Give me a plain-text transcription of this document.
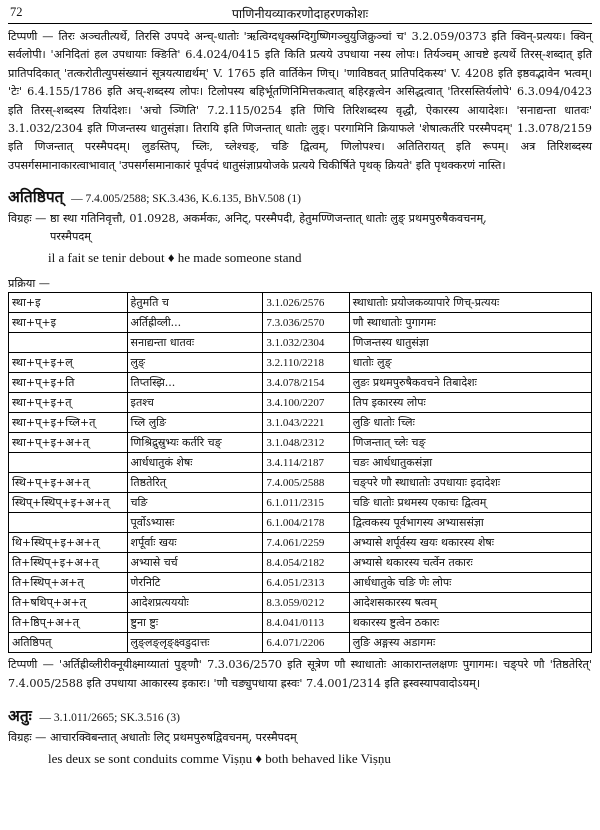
72	पाणिनीयव्याकरणोदाहरणकोशः

टिप्पणी — तिरः अञ्चतीत्यर्थे, तिरसि उपपदे अन्च्-धातोः 'ऋत्विग्दधृक्स्रग्दिगुष्णिगञ्चुयुजिक्रुञ्चां च' 3.2.059/0373 इति क्विन्-प्रत्ययः। क्विन् सर्वलोपी। 'अनिदितां हल उपधायाः क्ङिति' 6.4.024/0415 इति किति प्रत्यये उपधाया नस्य लोपः। तिर्यञ्चम् आचष्टे इत्यर्थे तिरस्-शब्दात् इति प्रातिपदिकात् 'तत्करोतीत्युपसंख्यानं सूत्रयत्याद्यर्थम्' V. 1765 इति वार्तिकेन णिच्। 'णाविष्ठवत् प्रातिपदिकस्य' V. 4208 इति इष्ठवद्भावेन भत्वम्। 'टेः' 6.4.155/1786 इति अच्-शब्दस्य लोपः। टिलोपस्य बहिर्भूतणिनिमित्तकत्वात् बहिरङ्गत्वेन असिद्धत्वात् 'तिरसस्तिर्यलोपे' 6.3.094/0423 इति तिरस्-शब्दस्य तिर्यादेशः। 'अचो ञ्णिति' 7.2.115/0254 इति णिचि तिरिशब्दस्य वृद्धौ, ऐकारस्य आयादेशः। 'सनाद्यन्ता धातवः' 3.1.032/2304 इति णिजन्तस्य धातुसंज्ञा। तिरायि इति णिजन्तात् धातोः लुङ्। परगामिनि क्रियाफले 'शेषात्कर्तरि परस्मैपदम्' 1.3.078/2159 इति णिजन्तात् परस्मैपदम्। लुङस्तिप्, च्लिः, च्लेश्चङ्, चङि द्वित्वम्, णिलोपश्च। अतितिरायत् इति रूपम्। अत्र तिरिशब्दस्य उपसर्गसमानाकारत्वाभावात् 'उपसर्गसमानाकारं पूर्वपदं धातुसंज्ञाप्रयोजके प्रत्यये चिकीर्षिते पृथक् क्रियते' इति पृथक्करणं नास्ति।

अतिष्ठिपत् — 7.4.005/2588; SK.3.436, K.6.135, BhV.508 (1)
विग्रहः — ष्ठा स्था गतिनिवृत्तौ, 01.0928, अकर्मकः, अनिट्, परस्मैपदी, हेतुमण्णिजन्तात् धातोः लुङ् प्रथमपुरुषैकवचनम्,
परस्मैपदम्
il a fait se tenir debout ♦ he made someone stand
प्रक्रिया —
स्था+इ	हेतुमति च	3.1.026/2576	स्थाधातोः प्रयोजकव्यापारे णिच्-प्रत्ययः
स्था+प्+इ	अर्तिह्रीव्ली...	7.3.036/2570	णौ स्थाधातोः पुगागमः
	सनाद्यन्ता धातवः	3.1.032/2304	णिजन्तस्य धातुसंज्ञा
स्था+प्+इ+ल्	लुङ्	3.2.110/2218	धातोः लुङ्
स्था+प्+इ+ति	तिप्तस्झि...	3.4.078/2154	लुङः प्रथमपुरुषैकवचने तिबादेशः
स्था+प्+इ+त्	इतश्च	3.4.100/2207	तिप इकारस्य लोपः
स्था+प्+इ+च्लि+त्	च्लि लुङि	3.1.043/2221	लुङि धातोः च्लिः
स्था+प्+इ+अ+त्	णिश्रिद्रुस्रुभ्यः कर्तरि चङ्	3.1.048/2312	णिजन्तात् च्लेः चङ्
	आर्धधातुकं शेषः	3.4.114/2187	चङः आर्धधातुकसंज्ञा
स्थि+प्+इ+अ+त्	तिष्ठतेरित्	7.4.005/2588	चङ्परे णौ स्थाधातोः उपधायाः इदादेशः
स्थिप्+स्थिप्+इ+अ+त्	चङि	6.1.011/2315	चङि धातोः प्रथमस्य एकाचः द्वित्वम्
	पूर्वोऽभ्यासः	6.1.004/2178	द्वित्वकस्य पूर्वभागस्य अभ्याससंज्ञा
थि+स्थिप्+इ+अ+त्	शर्पूर्वाः खयः	7.4.061/2259	अभ्यासे शर्पूर्वस्य खयः थकारस्य शेषः
ति+स्थिप्+इ+अ+त्	अभ्यासे चर्च	8.4.054/2182	अभ्यासे थकारस्य चर्त्वेन तकारः
ति+स्थिप्+अ+त्	णेरनिटि	6.4.051/2313	आर्धधातुके चङि णेः लोपः
ति+षथिप्+अ+त्	आदेशप्रत्यययोः	8.3.059/0212	आदेशसकारस्य षत्वम्
ति+ष्ठिप्+अ+त्	ष्टुना ष्टुः	8.4.041/0113	थकारस्य ष्टुत्वेन ठकारः
अतिष्ठिपत्	लुङ्लङ्लृङ्क्ष्वडुदात्तः	6.4.071/2206	लुङि अङ्गस्य अडागमः

टिप्पणी — 'अर्तिह्रीव्लीरीक्नूयीक्ष्माय्यातां पुङ्णौ' 7.3.036/2570 इति सूत्रेण णौ स्थाधातोः आकारान्तलक्षणः पुगागमः। चङ्परे णौ 'तिष्ठतेरित्' 7.4.005/2588 इति उपधाया आकारस्य इकारः। 'णौ चङ्युपधाया ह्रस्वः' 7.4.001/2314 इति ह्रस्वस्यापवादोऽयम्।

अतुः — 3.1.011/2665; SK.3.516 (3)
विग्रहः — आचारक्विबन्तात् अधातोः लिट् प्रथमपुरुषद्विवचनम्, परस्मैपदम्
les deux se sont conduits comme Viṣṇu ♦ both behaved like Viṣṇu
